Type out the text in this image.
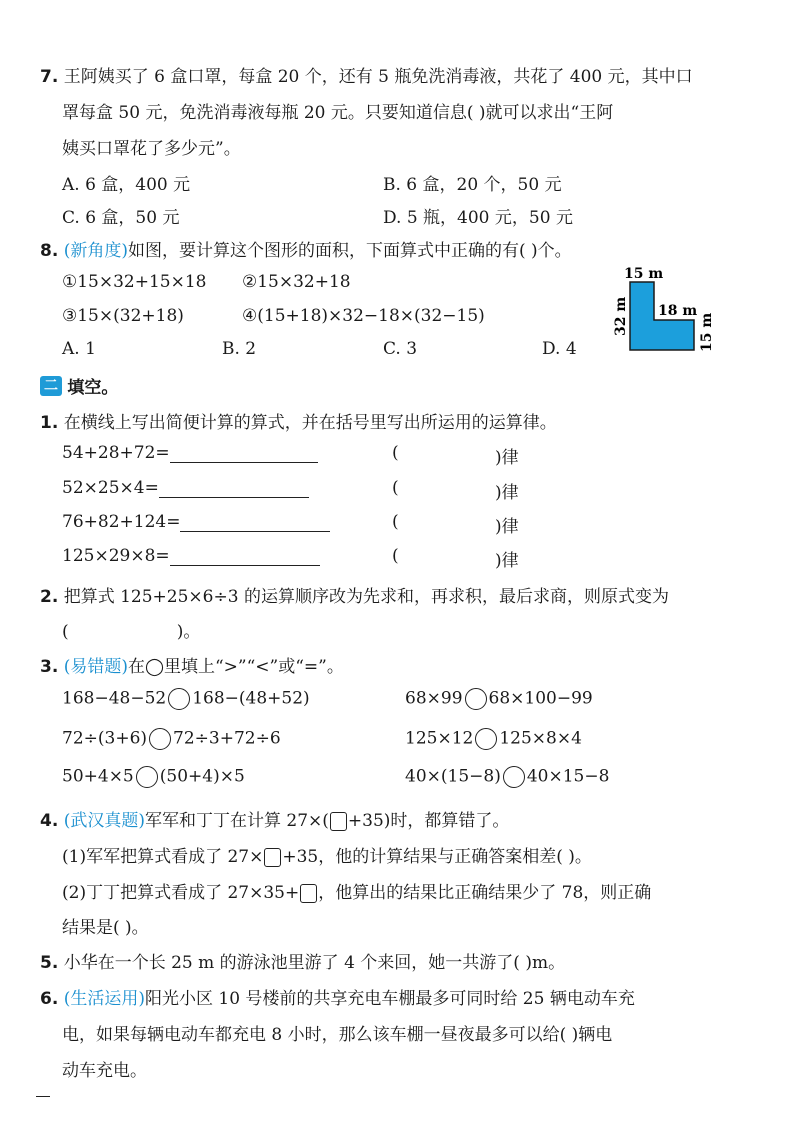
7. 王阿姨买了 6 盒口罩，每盒 20 个，还有 5 瓶免洗消毒液，共花了 400 元，其中口
罩每盒 50 元，免洗消毒液每瓶 20 元。只要知道信息( )就可以求出“王阿
姨买口罩花了多少元”。
A. 6 盒，400 元	B. 6 盒，20 个，50 元
C. 6 盒，50 元	D. 5 瓶，400 元，50 元
8. (新角度)如图，要计算这个图形的面积，下面算式中正确的有( )个。
①15×32+15×18 ②15×32+18
③15×(32+18)	④(15+18)×32−18×(32−15)
A. 1	B. 2	C. 3	D. 4
15 m
18 m
32 m	15 m
二 填空。
1. 在横线上写出简便计算的算式，并在括号里写出所运用的运算律。
54+28+72=	(	)律
52×25×4=	(	)律
76+82+124=	(	)律
125×29×8=	(	)律
2. 把算式 125+25×6÷3 的运算顺序改为先求和，再求积，最后求商，则原式变为
(                    )。
3. (易错题)在◯里填上“>”“<”或“=”。
168−48−52 168−(48+52)	68×99 68×100−99
72÷(3+6) 72÷3+72÷6	125×12 125×8×4
50+4×5 (50+4)×5	40×(15−8) 40×15−8
4. (武汉真题)军军和丁丁在计算 27×( +35)时，都算错了。
(1)军军把算式看成了 27× +35，他的计算结果与正确答案相差( )。
(2)丁丁把算式看成了 27×35+ ，他算出的结果比正确结果少了 78，则正确
结果是( )。
5. 小华在一个长 25 m 的游泳池里游了 4 个来回，她一共游了( )m。
6. (生活运用)阳光小区 10 号楼前的共享充电车棚最多可同时给 25 辆电动车充
电，如果每辆电动车都充电 8 小时，那么该车棚一昼夜最多可以给( )辆电
动车充电。
